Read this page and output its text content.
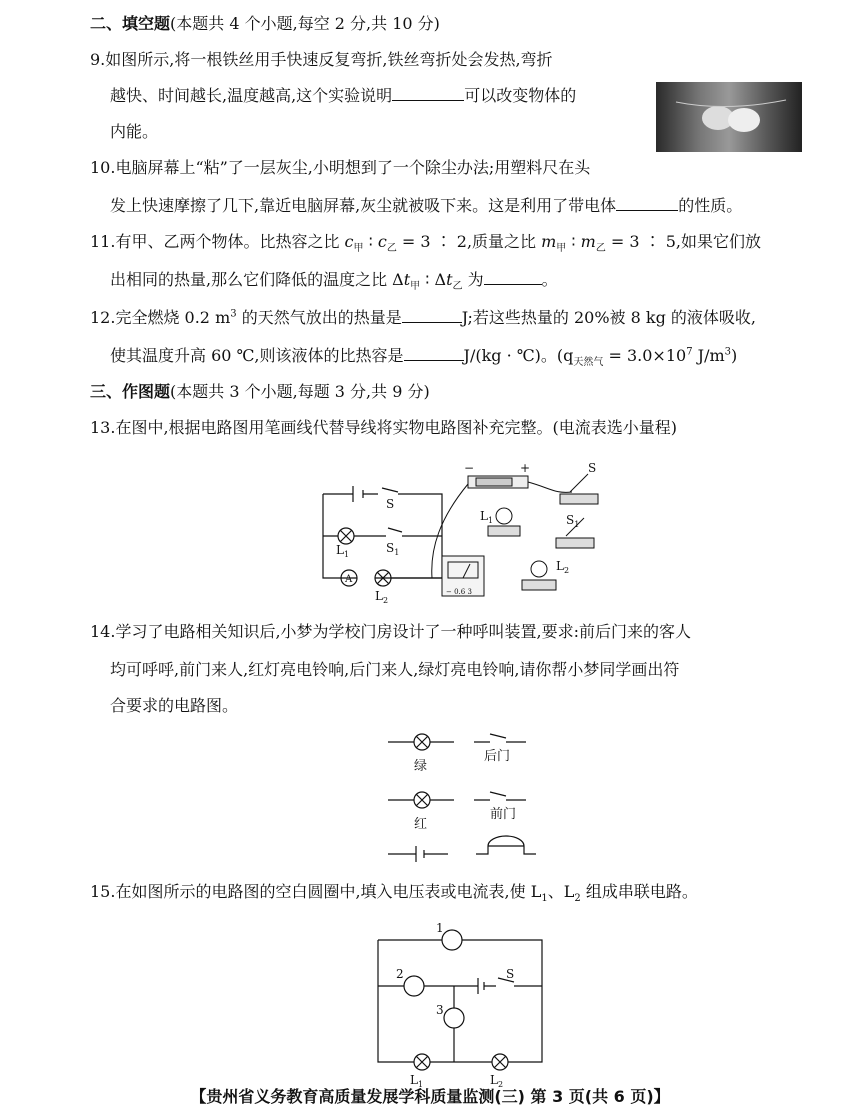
二、填空题(本题共 4 个小题,每空 2 分,共 10 分)
9.如图所示,将一根铁丝用手快速反复弯折,铁丝弯折处会发热,弯折
越快、时间越长,温度越高,这个实验说明	可以改变物体的
内能。
10.电脑屏幕上“粘”了一层灰尘,小明想到了一个除尘办法;用塑料尺在头
发上快速摩擦了几下,靠近电脑屏幕,灰尘就被吸下来。这是利用了带电体	的性质。
11.有甲、乙两个物体。比热容之比 $c_甲$ ∶ $c_乙 = 3$ ∶ 2,质量之比 $m_甲$ ∶ $m_乙 = 3$ ∶ 5,如果它们放
出相同的热量,那么它们降低的温度之比 $\Delta t_甲$ ∶ $\Delta t_乙$ 为	。
12.完全燃烧 0.2 $m^3$ 的天然气放出的热量是	J;若这些热量的 20%被 8 kg 的液体吸收,
使其温度升高 60 ℃,则该液体的比热容是	J/(kg · ℃)。($q_{天然气} = 3.0\times 10^7$ $J/m^3$)
三、作图题(本题共 3 个小题,每题 3 分,共 9 分)
13.在图中,根据电路图用笔画线代替导线将实物电路图补充完整。(电流表选小量程)
S
$S_1$
$L_1$
A
$L_2$
−	+	S
$L_1$	$S_1$
$L_2$
− 0.6 3
14.学习了电路相关知识后,小梦为学校门房设计了一种呼叫装置,要求:前后门来的客人
均可呼呼,前门来人,红灯亮电铃响,后门来人,绿灯亮电铃响,请你帮小梦同学画出符
合要求的电路图。
绿
后门
红
前门
15.在如图所示的电路图的空白圆圈中,填入电压表或电流表,使 $L_1$、$L_2$ 组成串联电路。
1
2
3
S
$L_1$	$L_2$
【贵州省义务教育高质量发展学科质量监测(三) 第 3 页(共 6 页)】
